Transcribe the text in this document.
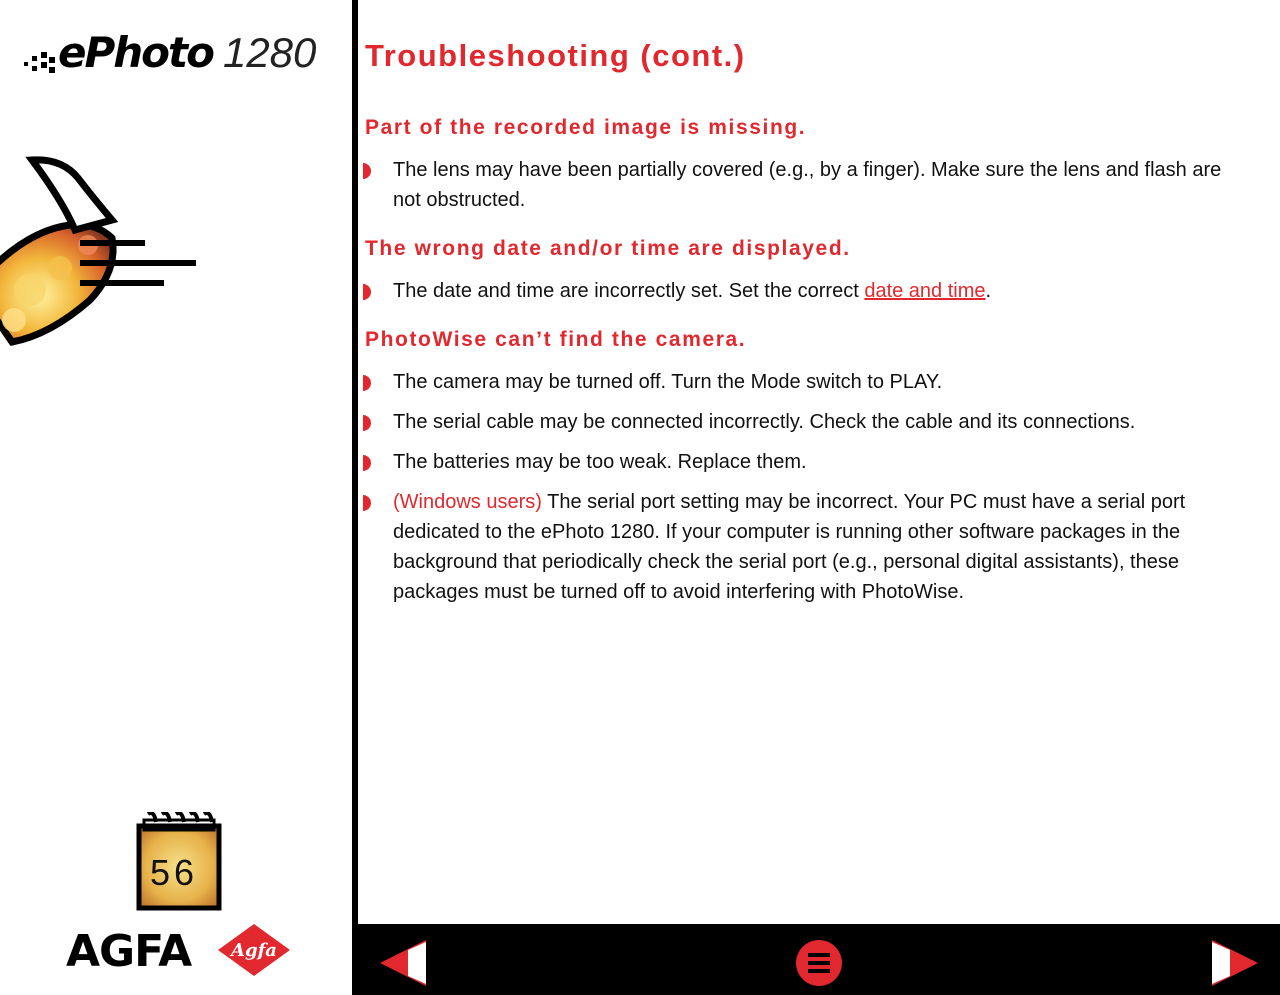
ePhoto 1280
56
AGFA Agfa
Troubleshooting (cont.)
Part of the recorded image is missing.

The lens may have been partially covered (e.g., by a finger). Make sure the lens and flash are not obstructed.

The wrong date and/or time are displayed.

The date and time are incorrectly set. Set the correct date and time.

PhotoWise can’t find the camera.

The camera may be turned off. Turn the Mode switch to PLAY.

The serial cable may be connected incorrectly. Check the cable and its connections.

The batteries may be too weak. Replace them.

(Windows users) The serial port setting may be incorrect. Your PC must have a serial port dedicated to the ePhoto 1280. If your computer is running other software packages in the background that periodically check the serial port (e.g., personal digital assistants), these packages must be turned off to avoid interfering with PhotoWise.
